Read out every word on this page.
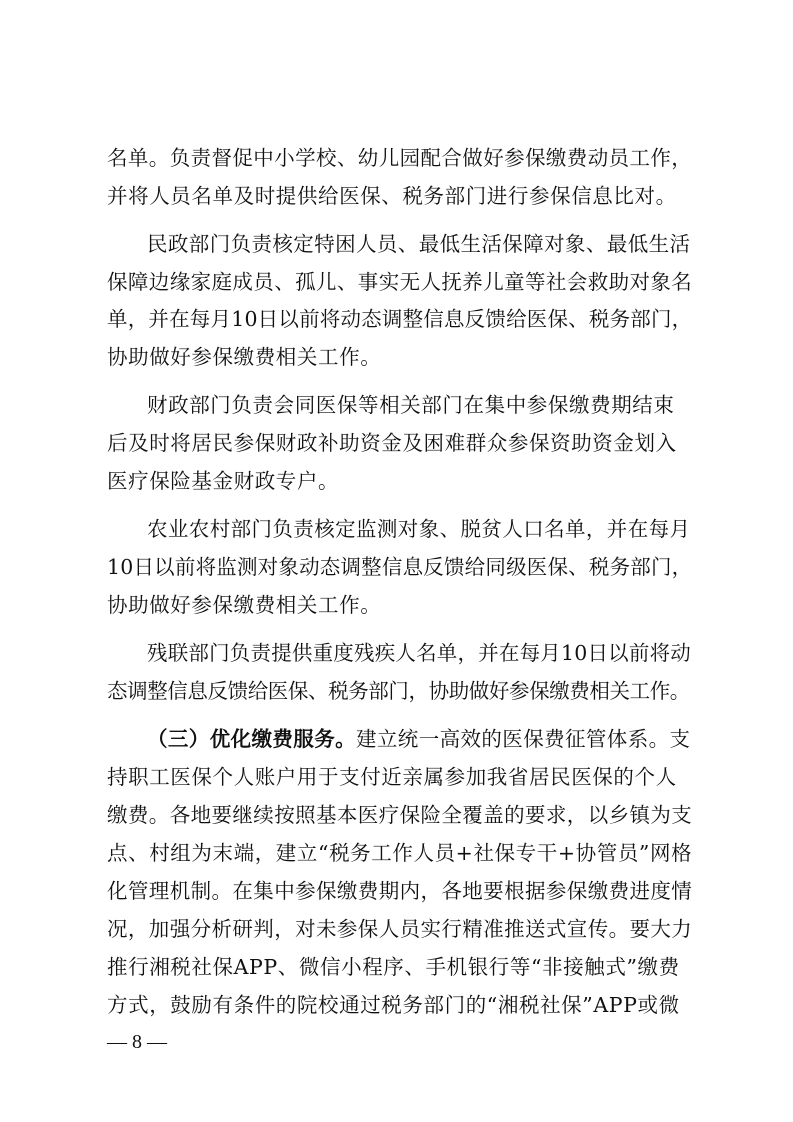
名单。负责督促中小学校、幼儿园配合做好参保缴费动员工作，
并将人员名单及时提供给医保、税务部门进行参保信息比对。
民政部门负责核定特困人员、最低生活保障对象、最低生活
保障边缘家庭成员、孤儿、事实无人抚养儿童等社会救助对象名
单，并在每月10日以前将动态调整信息反馈给医保、税务部门，
协助做好参保缴费相关工作。
财政部门负责会同医保等相关部门在集中参保缴费期结束
后及时将居民参保财政补助资金及困难群众参保资助资金划入
医疗保险基金财政专户。
农业农村部门负责核定监测对象、脱贫人口名单，并在每月
10日以前将监测对象动态调整信息反馈给同级医保、税务部门，
协助做好参保缴费相关工作。
残联部门负责提供重度残疾人名单，并在每月10日以前将动
态调整信息反馈给医保、税务部门，协助做好参保缴费相关工作。
（三）优化缴费服务。建立统一高效的医保费征管体系。支
持职工医保个人账户用于支付近亲属参加我省居民医保的个人
缴费。各地要继续按照基本医疗保险全覆盖的要求，以乡镇为支
点、村组为末端，建立“税务工作人员+社保专干+协管员”网格
化管理机制。在集中参保缴费期内，各地要根据参保缴费进度情
况，加强分析研判，对未参保人员实行精准推送式宣传。要大力
推行湘税社保APP、微信小程序、手机银行等“非接触式”缴费
方式，鼓励有条件的院校通过税务部门的“湘税社保”APP或微
— 8 —
